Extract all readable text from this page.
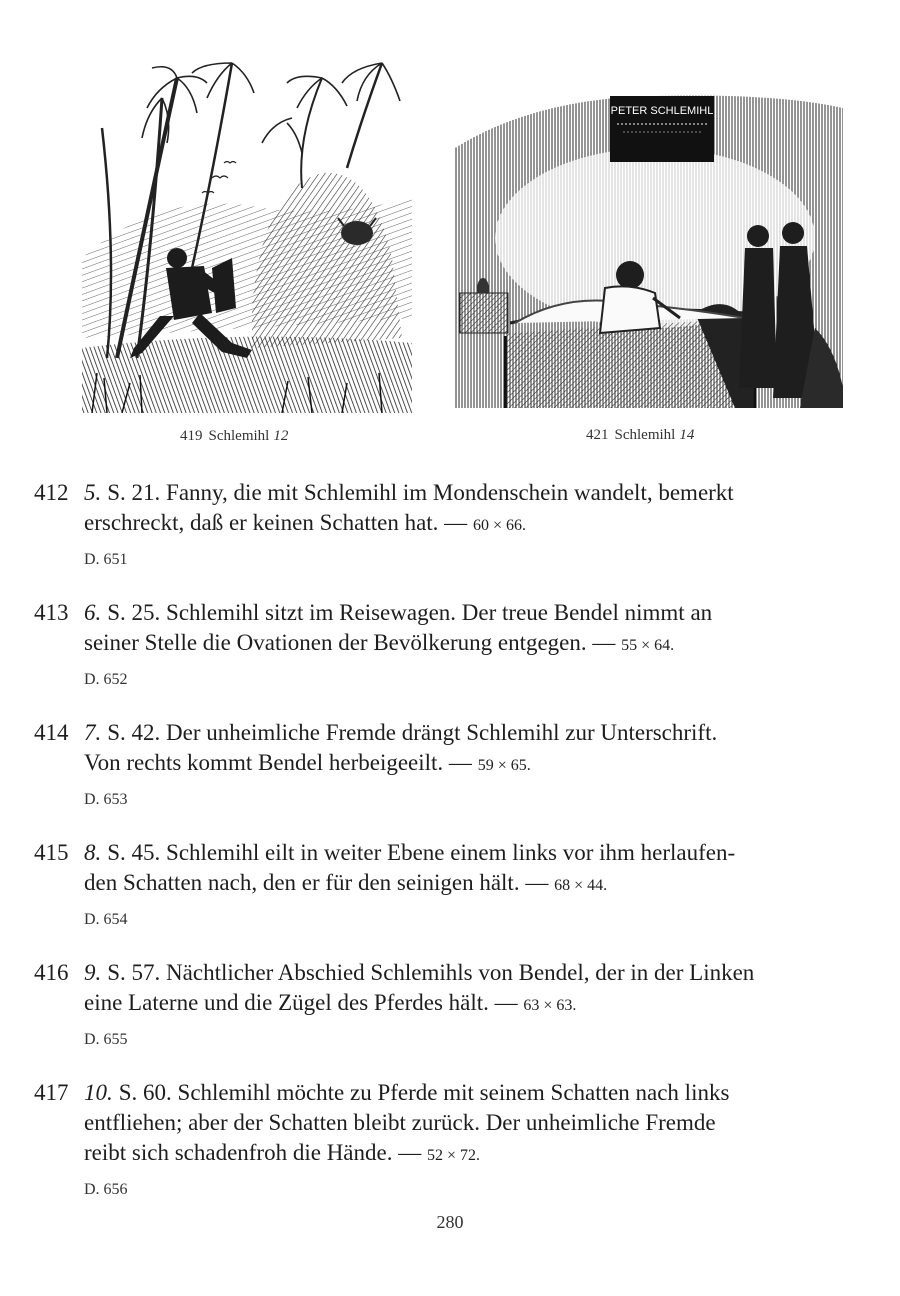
PETER SCHLEMIHL
419 Schlemihl 12	421 Schlemihl 14
412 5. S. 21. Fanny, die mit Schlemihl im Mondenschein wandelt, bemerkt
erschreckt, daß er keinen Schatten hat. — 60 × 66.
D. 651
413 6. S. 25. Schlemihl sitzt im Reisewagen. Der treue Bendel nimmt an
seiner Stelle die Ovationen der Bevölkerung entgegen. — 55 × 64.
D. 652
414 7. S. 42. Der unheimliche Fremde drängt Schlemihl zur Unterschrift.
Von rechts kommt Bendel herbeigeeilt. — 59 × 65.
D. 653
415 8. S. 45. Schlemihl eilt in weiter Ebene einem links vor ihm herlaufen-
den Schatten nach, den er für den seinigen hält. — 68 × 44.
D. 654
416 9. S. 57. Nächtlicher Abschied Schlemihls von Bendel, der in der Linken
eine Laterne und die Zügel des Pferdes hält. — 63 × 63.
D. 655
417 10. S. 60. Schlemihl möchte zu Pferde mit seinem Schatten nach links
entfliehen; aber der Schatten bleibt zurück. Der unheimliche Fremde
reibt sich schadenfroh die Hände. — 52 × 72.
D. 656
280
